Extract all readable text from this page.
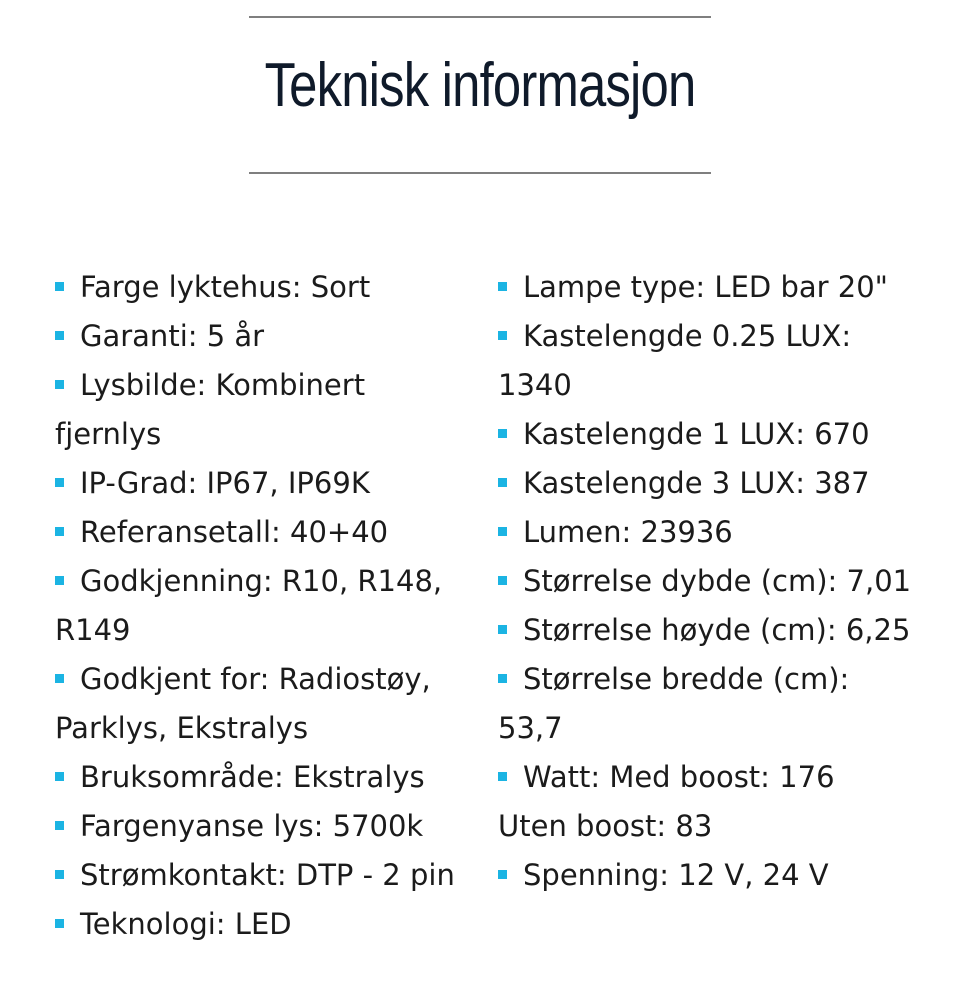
Teknisk informasjon
Farge lyktehus: Sort
Garanti: 5 år
Lysbilde: Kombinert
fjernlys
IP-Grad: IP67, IP69K
Referansetall: 40+40
Godkjenning: R10, R148,
R149
Godkjent for: Radiostøy,
Parklys, Ekstralys
Bruksområde: Ekstralys
Fargenyanse lys: 5700k
Strømkontakt: DTP - 2 pin
Teknologi: LED
Lampe type: LED bar 20"
Kastelengde 0.25 LUX:
1340
Kastelengde 1 LUX: 670
Kastelengde 3 LUX: 387
Lumen: 23936
Størrelse dybde (cm): 7,01
Størrelse høyde (cm): 6,25
Størrelse bredde (cm):
53,7
Watt: Med boost: 176
Uten boost: 83
Spenning: 12 V, 24 V
